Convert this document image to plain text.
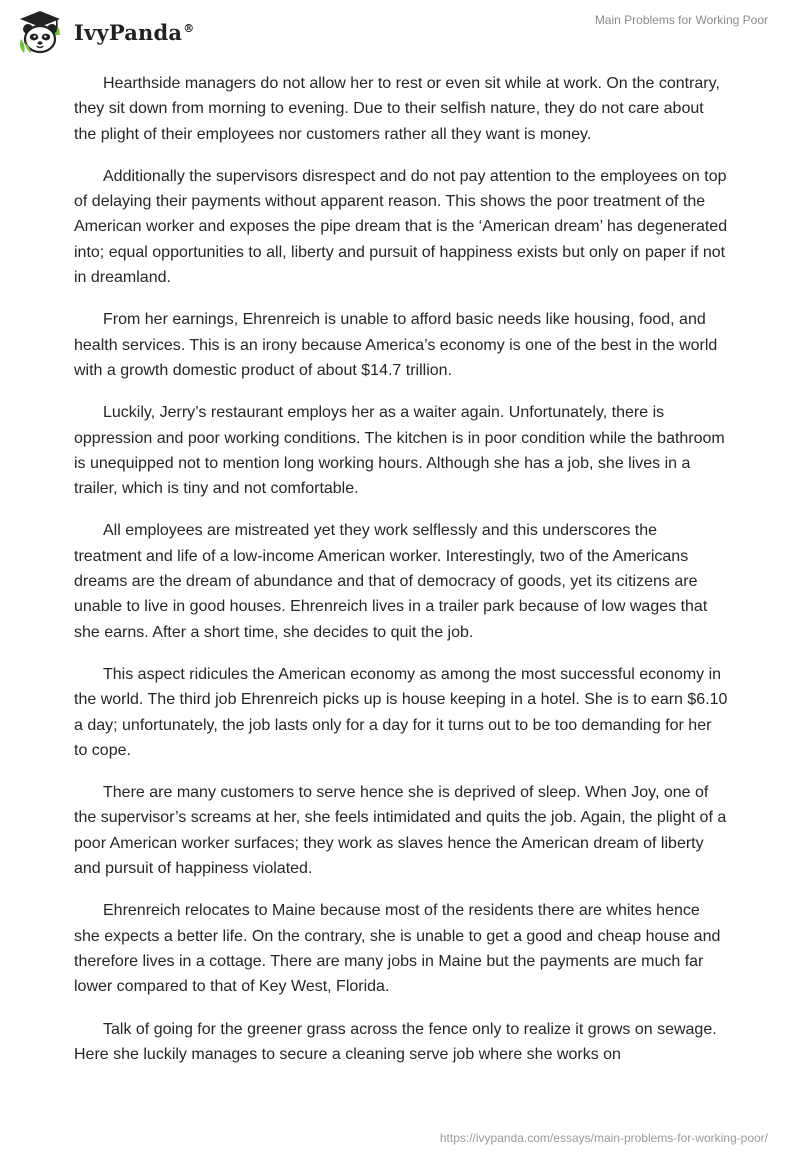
IvyPanda®
Main Problems for Working Poor

Hearthside managers do not allow her to rest or even sit while at work. On the contrary, they sit down from morning to evening. Due to their selfish nature, they do not care about the plight of their employees nor customers rather all they want is money.

Additionally the supervisors disrespect and do not pay attention to the employees on top of delaying their payments without apparent reason. This shows the poor treatment of the American worker and exposes the pipe dream that is the ‘American dream’ has degenerated into; equal opportunities to all, liberty and pursuit of happiness exists but only on paper if not in dreamland.

From her earnings, Ehrenreich is unable to afford basic needs like housing, food, and health services. This is an irony because America’s economy is one of the best in the world with a growth domestic product of about $14.7 trillion.

Luckily, Jerry’s restaurant employs her as a waiter again. Unfortunately, there is oppression and poor working conditions. The kitchen is in poor condition while the bathroom is unequipped not to mention long working hours. Although she has a job, she lives in a trailer, which is tiny and not comfortable.

All employees are mistreated yet they work selflessly and this underscores the treatment and life of a low-income American worker. Interestingly, two of the Americans dreams are the dream of abundance and that of democracy of goods, yet its citizens are unable to live in good houses. Ehrenreich lives in a trailer park because of low wages that she earns. After a short time, she decides to quit the job.

This aspect ridicules the American economy as among the most successful economy in the world. The third job Ehrenreich picks up is house keeping in a hotel. She is to earn $6.10 a day; unfortunately, the job lasts only for a day for it turns out to be too demanding for her to cope.

There are many customers to serve hence she is deprived of sleep. When Joy, one of the supervisor’s screams at her, she feels intimidated and quits the job. Again, the plight of a poor American worker surfaces; they work as slaves hence the American dream of liberty and pursuit of happiness violated.

Ehrenreich relocates to Maine because most of the residents there are whites hence she expects a better life. On the contrary, she is unable to get a good and cheap house and therefore lives in a cottage. There are many jobs in Maine but the payments are much far lower compared to that of Key West, Florida.

Talk of going for the greener grass across the fence only to realize it grows on sewage. Here she luckily manages to secure a cleaning serve job where she works on

https://ivypanda.com/essays/main-problems-for-working-poor/
